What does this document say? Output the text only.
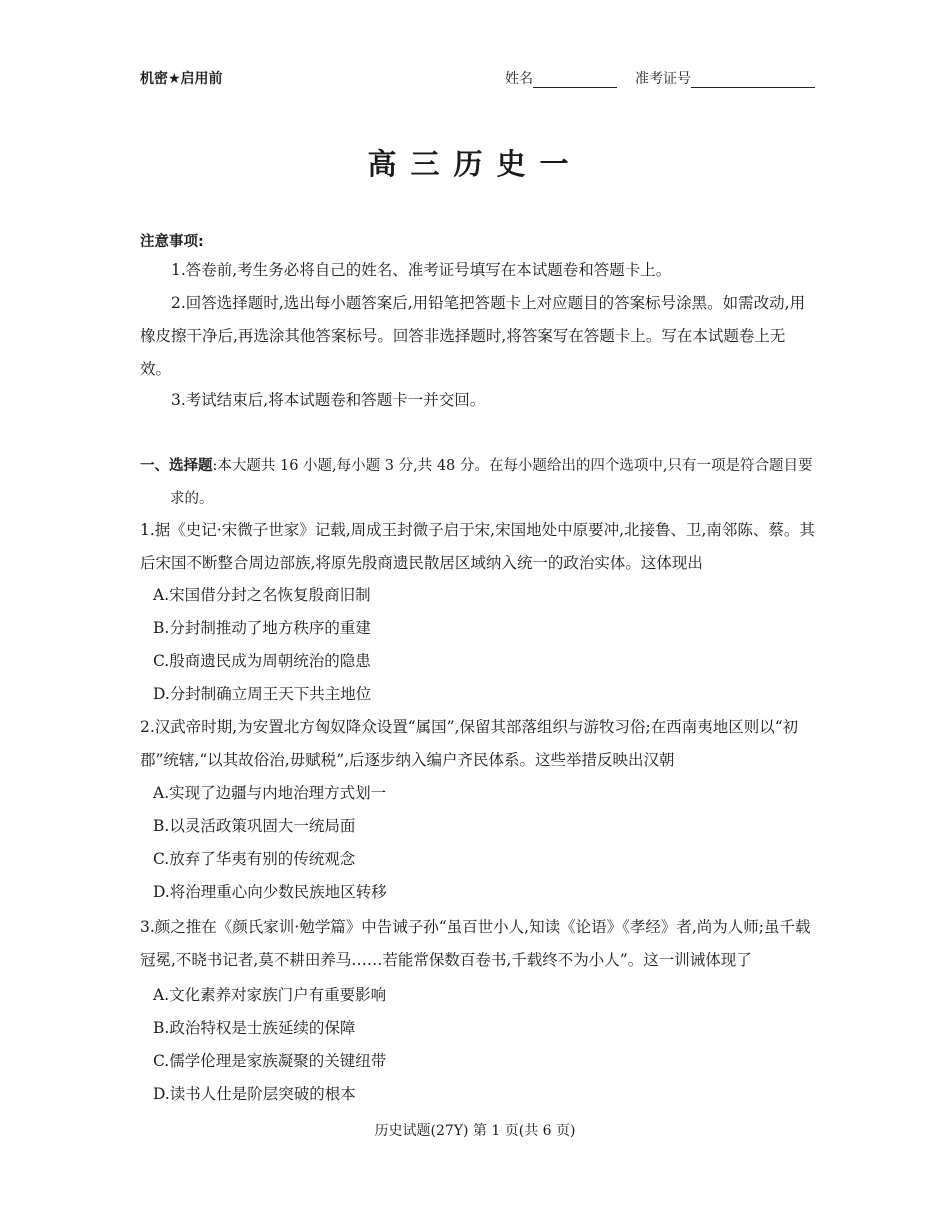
机密★启用前	姓名	准考证号
高三历史一
注意事项:

1.答卷前,考生务必将自己的姓名、准考证号填写在本试题卷和答题卡上。

2.回答选择题时,选出每小题答案后,用铅笔把答题卡上对应题目的答案标号涂黑。如需改动,用橡皮擦干净后,再选涂其他答案标号。回答非选择题时,将答案写在答题卡上。写在本试题卷上无效。

3.考试结束后,将本试题卷和答题卡一并交回。

一、选择题:本大题共 16 小题,每小题 3 分,共 48 分。在每小题给出的四个选项中,只有一项是符合题目要求的。

1.据《史记·宋微子世家》记载,周成王封微子启于宋,宋国地处中原要冲,北接鲁、卫,南邻陈、蔡。其后宋国不断整合周边部族,将原先殷商遗民散居区域纳入统一的政治实体。这体现出

A.宋国借分封之名恢复殷商旧制

B.分封制推动了地方秩序的重建

C.殷商遗民成为周朝统治的隐患

D.分封制确立周王天下共主地位

2.汉武帝时期,为安置北方匈奴降众设置“属国”,保留其部落组织与游牧习俗;在西南夷地区则以“初郡”统辖,“以其故俗治,毋赋税”,后逐步纳入编户齐民体系。这些举措反映出汉朝

A.实现了边疆与内地治理方式划一

B.以灵活政策巩固大一统局面

C.放弃了华夷有别的传统观念

D.将治理重心向少数民族地区转移

3.颜之推在《颜氏家训·勉学篇》中告诫子孙“虽百世小人,知读《论语》《孝经》者,尚为人师;虽千载冠冕,不晓书记者,莫不耕田养马……若能常保数百卷书,千载终不为小人”。这一训诫体现了

A.文化素养对家族门户有重要影响

B.政治特权是士族延续的保障

C.儒学伦理是家族凝聚的关键纽带

D.读书人仕是阶层突破的根本

历史试题(27Y) 第 1 页(共 6 页)
